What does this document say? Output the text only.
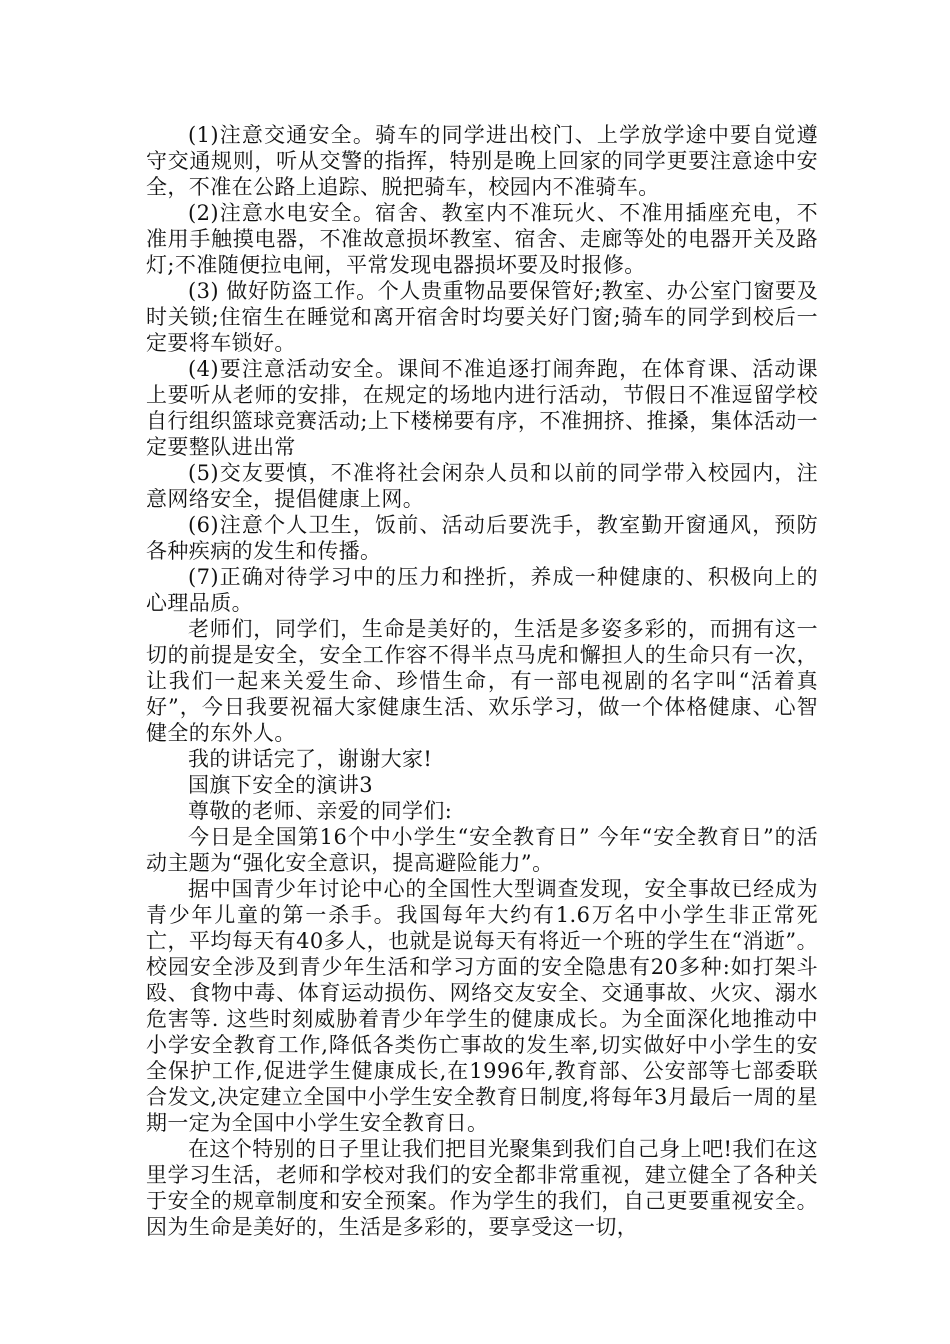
(1)注意交通安全。骑车的同学进出校门、上学放学途中要自觉遵守交通规则，听从交警的指挥，特别是晚上回家的同学更要注意途中安全，不准在公路上追踪、脱把骑车，校园内不准骑车。

(2)注意水电安全。宿舍、教室内不准玩火、不准用插座充电，不准用手触摸电器，不准故意损坏教室、宿舍、走廊等处的电器开关及路灯;不准随便拉电闸，平常发现电器损坏要及时报修。

(3) 做好防盗工作。个人贵重物品要保管好;教室、办公室门窗要及时关锁;住宿生在睡觉和离开宿舍时均要关好门窗;骑车的同学到校后一定要将车锁好。

(4)要注意活动安全。课间不准追逐打闹奔跑，在体育课、活动课上要听从老师的安排，在规定的场地内进行活动，节假日不准逗留学校自行组织篮球竞赛活动;上下楼梯要有序，不准拥挤、推搡，集体活动一定要整队进出常

(5)交友要慎，不准将社会闲杂人员和以前的同学带入校园内，注意网络安全，提倡健康上网。

(6)注意个人卫生，饭前、活动后要洗手，教室勤开窗通风，预防各种疾病的发生和传播。

(7)正确对待学习中的压力和挫折，养成一种健康的、积极向上的心理品质。

老师们，同学们，生命是美好的，生活是多姿多彩的，而拥有这一切的前提是安全，安全工作容不得半点马虎和懈担人的生命只有一次，让我们一起来关爱生命、珍惜生命，有一部电视剧的名字叫“活着真好”，今日我要祝福大家健康生活、欢乐学习，做一个体格健康、心智健全的东外人。

我的讲话完了，谢谢大家!

国旗下安全的演讲3

尊敬的老师、亲爱的同学们:

今日是全国第16个中小学生“安全教育日” 今年“安全教育日”的活动主题为“强化安全意识，提高避险能力”。

据中国青少年讨论中心的全国性大型调查发现，安全事故已经成为青少年儿童的第一杀手。我国每年大约有1.6万名中小学生非正常死亡，平均每天有40多人，也就是说每天有将近一个班的学生在“消逝”。校园安全涉及到青少年生活和学习方面的安全隐患有20多种:如打架斗殴、食物中毒、体育运动损伤、网络交友安全、交通事故、火灾、溺水危害等. 这些时刻威胁着青少年学生的健康成长。为全面深化地推动中小学安全教育工作,降低各类伤亡事故的发生率,切实做好中小学生的安全保护工作,促进学生健康成长,在1996年,教育部、公安部等七部委联合发文,决定建立全国中小学生安全教育日制度,将每年3月最后一周的星期一定为全国中小学生安全教育日。

在这个特别的日子里让我们把目光聚集到我们自己身上吧!我们在这里学习生活，老师和学校对我们的安全都非常重视，建立健全了各种关于安全的规章制度和安全预案。作为学生的我们，自己更要重视安全。因为生命是美好的，生活是多彩的，要享受这一切，
